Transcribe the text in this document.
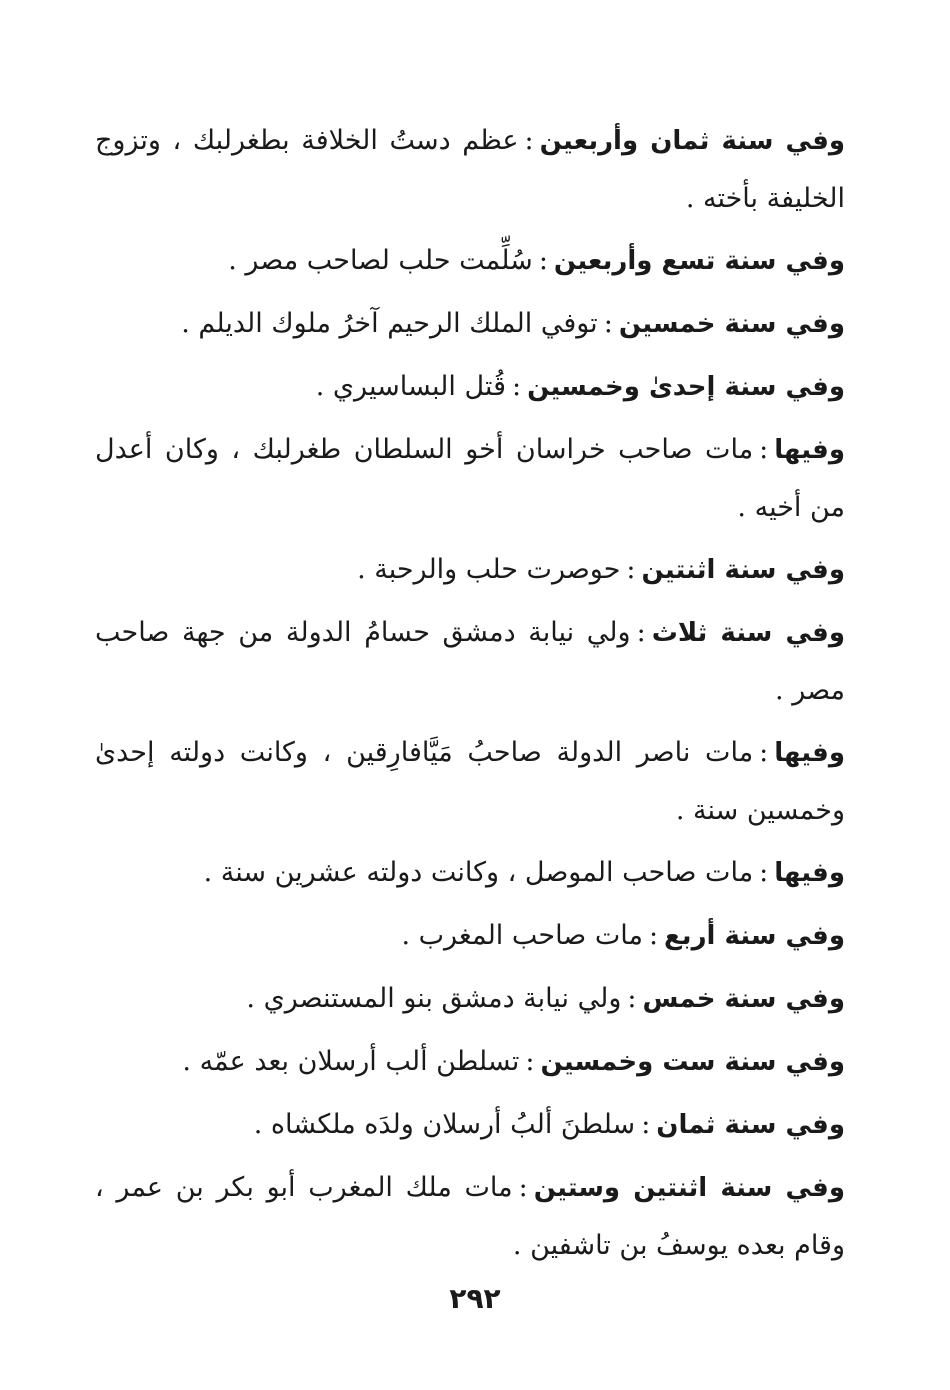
وفي سنة ثمان وأربعين:عظم دستُ الخلافة بطغرلبك ، وتزوج الخليفة بأخته .

وفي سنة تسع وأربعين:سُلِّمت حلب لصاحب مصر .

وفي سنة خمسين:توفي الملك الرحيم آخرُ ملوك الديلم .

وفي سنة إحدىٰ وخمسين:قُتل البساسيري .

وفيها:مات صاحب خراسان أخو السلطان طغرلبك ، وكان أعدل من أخيه .

وفي سنة اثنتين:حوصرت حلب والرحبة .

وفي سنة ثلاث:ولي نيابة دمشق حسامُ الدولة من جهة صاحب مصر .

وفيها:مات ناصر الدولة صاحبُ مَيَّافارِقين ، وكانت دولته إحدىٰ وخمسين سنة .

وفيها:مات صاحب الموصل ، وكانت دولته عشرين سنة .

وفي سنة أربع:مات صاحب المغرب .

وفي سنة خمس:ولي نيابة دمشق بنو المستنصري .

وفي سنة ست وخمسين:تسلطن ألب أرسلان بعد عمّه .

وفي سنة ثمان:سلطنَ ألبُ أرسلان ولدَه ملكشاه .

وفي سنة اثنتين وستين:مات ملك المغرب أبو بكر بن عمر ، وقام بعده يوسفُ بن تاشفين .

٢٩٢
